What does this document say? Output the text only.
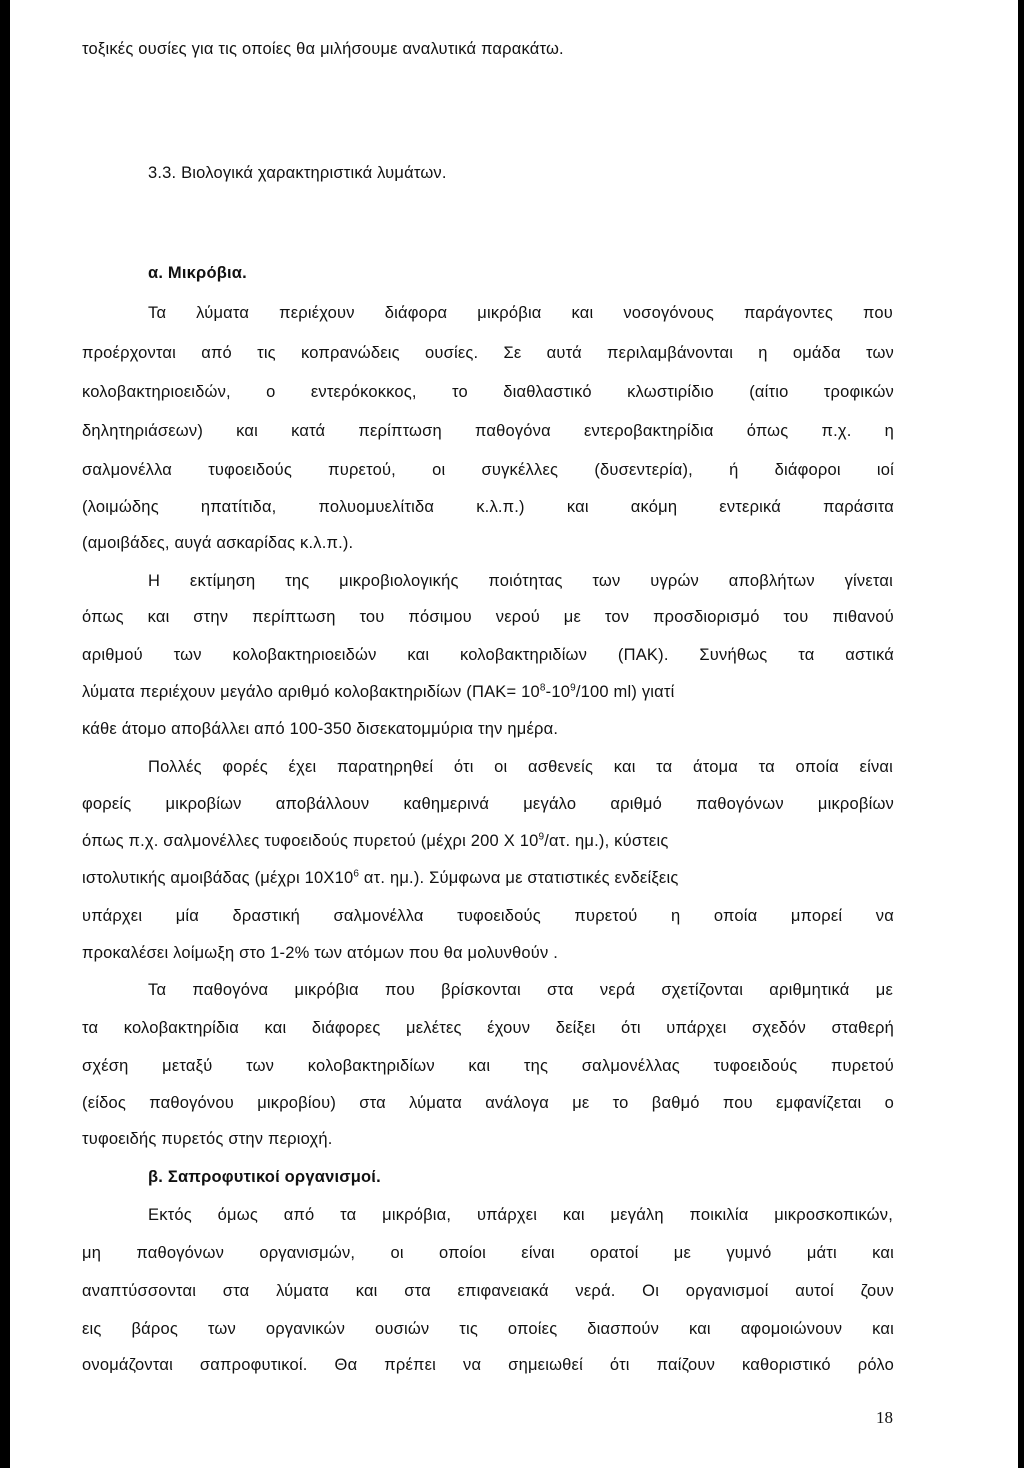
τοξικές ουσίες για τις οποίες θα μιλήσουμε αναλυτικά παρακάτω.
3.3. Βιολογικά χαρακτηριστικά λυμάτων.
α. Μικρόβια.
Τα λύματα περιέχουν διάφορα μικρόβια και νοσογόνους παράγοντες που
προέρχονται από τις κοπρανώδεις ουσίες. Σε αυτά περιλαμβάνονται η ομάδα των
κολοβακτηριοειδών, ο εντερόκοκκος, το διαθλαστικό κλωστιρίδιο (αίτιο τροφικών
δηλητηριάσεων) και κατά περίπτωση παθογόνα εντεροβακτηρίδια όπως π.χ. η
σαλμονέλλα τυφοειδούς πυρετού, οι συγκέλλες (δυσεντερία), ή διάφοροι ιοί
(λοιμώδης ηπατίτιδα, πολυομυελίτιδα κ.λ.π.) και ακόμη εντερικά παράσιτα
(αμοιβάδες, αυγά ασκαρίδας κ.λ.π.).
Η εκτίμηση της μικροβιολογικής ποιότητας των υγρών αποβλήτων γίνεται
όπως και στην περίπτωση του πόσιμου νερού με τον προσδιορισμό του πιθανού
αριθμού των κολοβακτηριοειδών και κολοβακτηριδίων (ΠΑΚ). Συνήθως τα αστικά
λύματα περιέχουν μεγάλο αριθμό κολοβακτηριδίων ($\Pi AK= 10^8-10^9/100$ ml) γιατί
κάθε άτομο αποβάλλει από 100-350 δισεκατομμύρια την ημέρα.
Πολλές φορές έχει παρατηρηθεί ότι οι ασθενείς και τα άτομα τα οποία είναι
φορείς μικροβίων αποβάλλουν καθημερινά μεγάλο αριθμό παθογόνων μικροβίων
όπως π.χ. σαλμονέλλες τυφοειδούς πυρετού (μέχρι 200 Χ $10^9/\alpha\tau$. ημ.), κύστεις
ιστολυτικής αμοιβάδας (μέχρι $10X10^6$ ατ. ημ.). Σύμφωνα με στατιστικές ενδείξεις
υπάρχει μία δραστική σαλμονέλλα τυφοειδούς πυρετού η οποία μπορεί να
προκαλέσει λοίμωξη στο 1-2% των ατόμων που θα μολυνθούν .
Τα παθογόνα μικρόβια που βρίσκονται στα νερά σχετίζονται αριθμητικά με
τα κολοβακτηρίδια και διάφορες μελέτες έχουν δείξει ότι υπάρχει σχεδόν σταθερή
σχέση μεταξύ των κολοβακτηριδίων και της σαλμονέλλας τυφοειδούς πυρετού
(είδος παθογόνου μικροβίου) στα λύματα ανάλογα με το βαθμό που εμφανίζεται ο
τυφοειδής πυρετός στην περιοχή.
β. Σαπροφυτικοί οργανισμοί.
Εκτός όμως από τα μικρόβια, υπάρχει και μεγάλη ποικιλία μικροσκοπικών,
μη παθογόνων οργανισμών, οι οποίοι είναι ορατοί με γυμνό μάτι και
αναπτύσσονται στα λύματα και στα επιφανειακά νερά. Οι οργανισμοί αυτοί ζουν
εις βάρος των οργανικών ουσιών τις οποίες διασπούν και αφομοιώνουν και
ονομάζονται σαπροφυτικοί. Θα πρέπει να σημειωθεί ότι παίζουν καθοριστικό ρόλο
18
